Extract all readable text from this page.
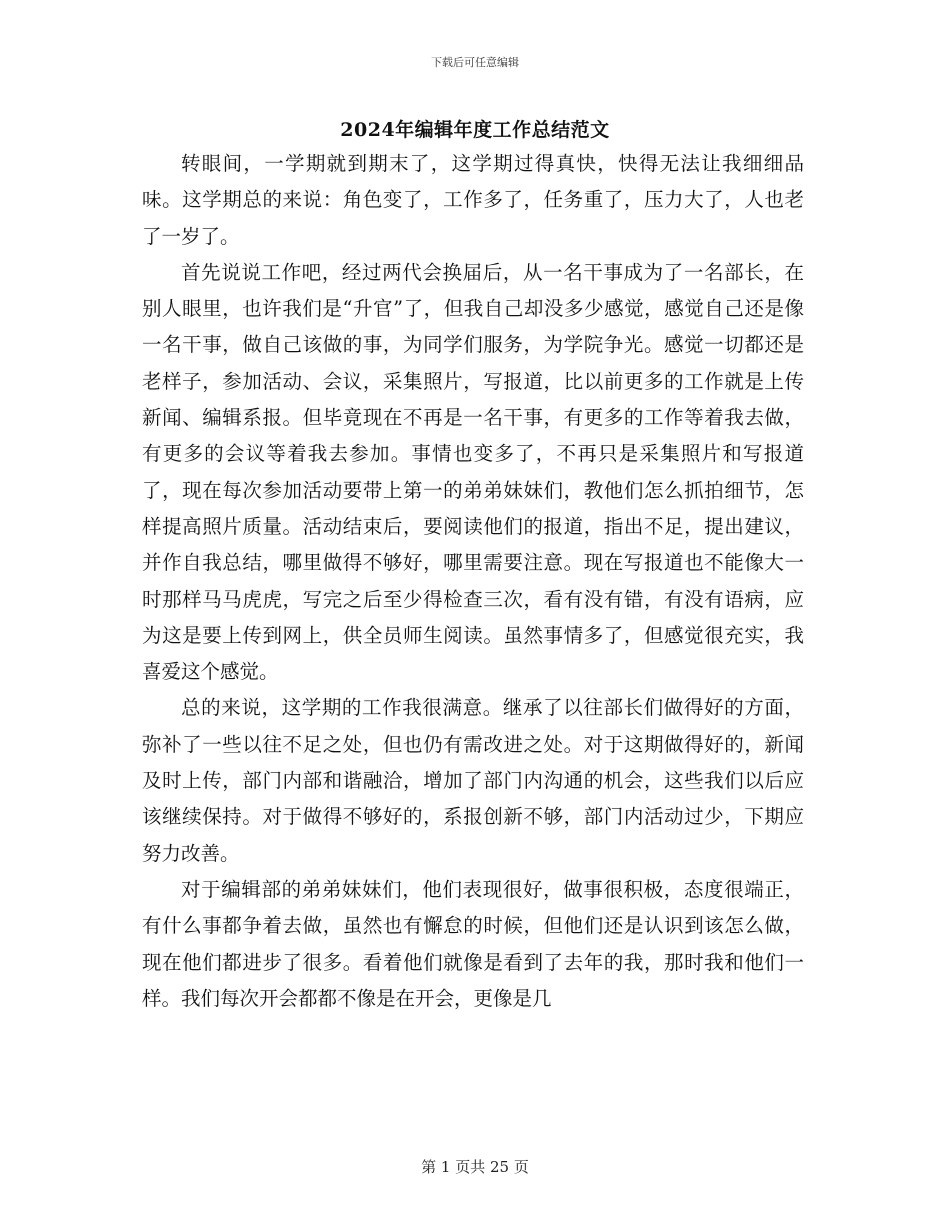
下载后可任意编辑
2024年编辑年度工作总结范文

转眼间，一学期就到期末了，这学期过得真快，快得无法让我细细品味。这学期总的来说：角色变了，工作多了，任务重了，压力大了，人也老了一岁了。

首先说说工作吧，经过两代会换届后，从一名干事成为了一名部长，在别人眼里，也许我们是“升官”了，但我自己却没多少感觉，感觉自己还是像一名干事，做自己该做的事，为同学们服务，为学院争光。感觉一切都还是老样子，参加活动、会议，采集照片，写报道，比以前更多的工作就是上传新闻、编辑系报。但毕竟现在不再是一名干事，有更多的工作等着我去做，有更多的会议等着我去参加。事情也变多了，不再只是采集照片和写报道了，现在每次参加活动要带上第一的弟弟妹妹们，教他们怎么抓拍细节，怎样提高照片质量。活动结束后，要阅读他们的报道，指出不足，提出建议，并作自我总结，哪里做得不够好，哪里需要注意。现在写报道也不能像大一时那样马马虎虎，写完之后至少得检查三次，看有没有错，有没有语病，应为这是要上传到网上，供全员师生阅读。虽然事情多了，但感觉很充实，我喜爱这个感觉。

总的来说，这学期的工作我很满意。继承了以往部长们做得好的方面，弥补了一些以往不足之处，但也仍有需改进之处。对于这期做得好的，新闻及时上传，部门内部和谐融洽，增加了部门内沟通的机会，这些我们以后应该继续保持。对于做得不够好的，系报创新不够，部门内活动过少，下期应努力改善。

对于编辑部的弟弟妹妹们，他们表现很好，做事很积极，态度很端正，有什么事都争着去做，虽然也有懈怠的时候，但他们还是认识到该怎么做，现在他们都进步了很多。看着他们就像是看到了去年的我，那时我和他们一样。我们每次开会都都不像是在开会，更像是几

第 1 页共 25 页
